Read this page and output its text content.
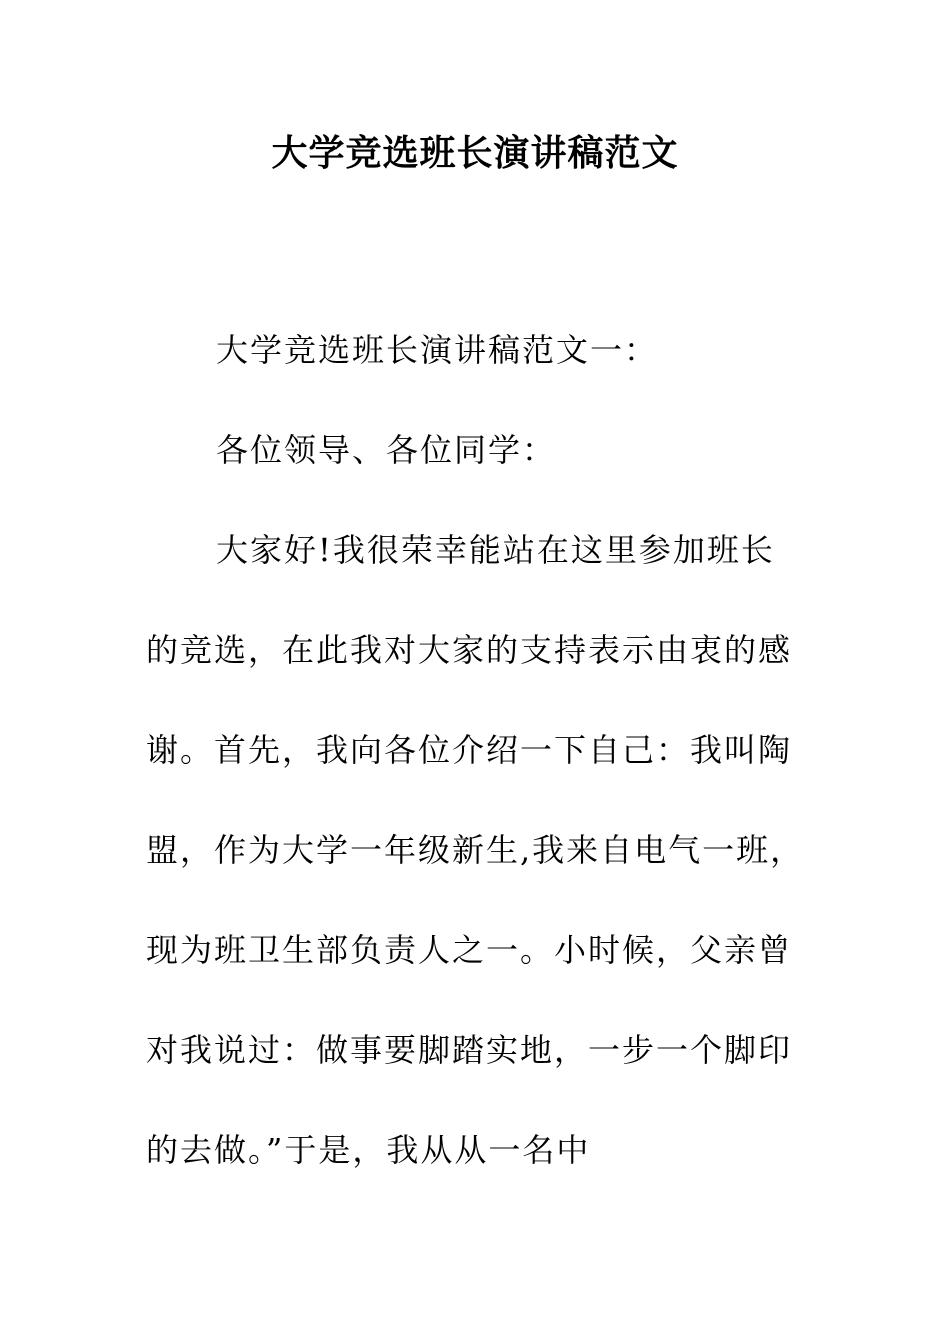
大学竞选班长演讲稿范文

大学竞选班长演讲稿范文一：

各位领导、各位同学：

大家好!我很荣幸能站在这里参加班长的竞选，在此我对大家的支持表示由衷的感谢。首先，我向各位介绍一下自己：我叫陶盟，作为大学一年级新生,我来自电气一班，现为班卫生部负责人之一。小时候，父亲曾对我说过：做事要脚踏实地，一步一个脚印的去做。”于是，我从从一名中
